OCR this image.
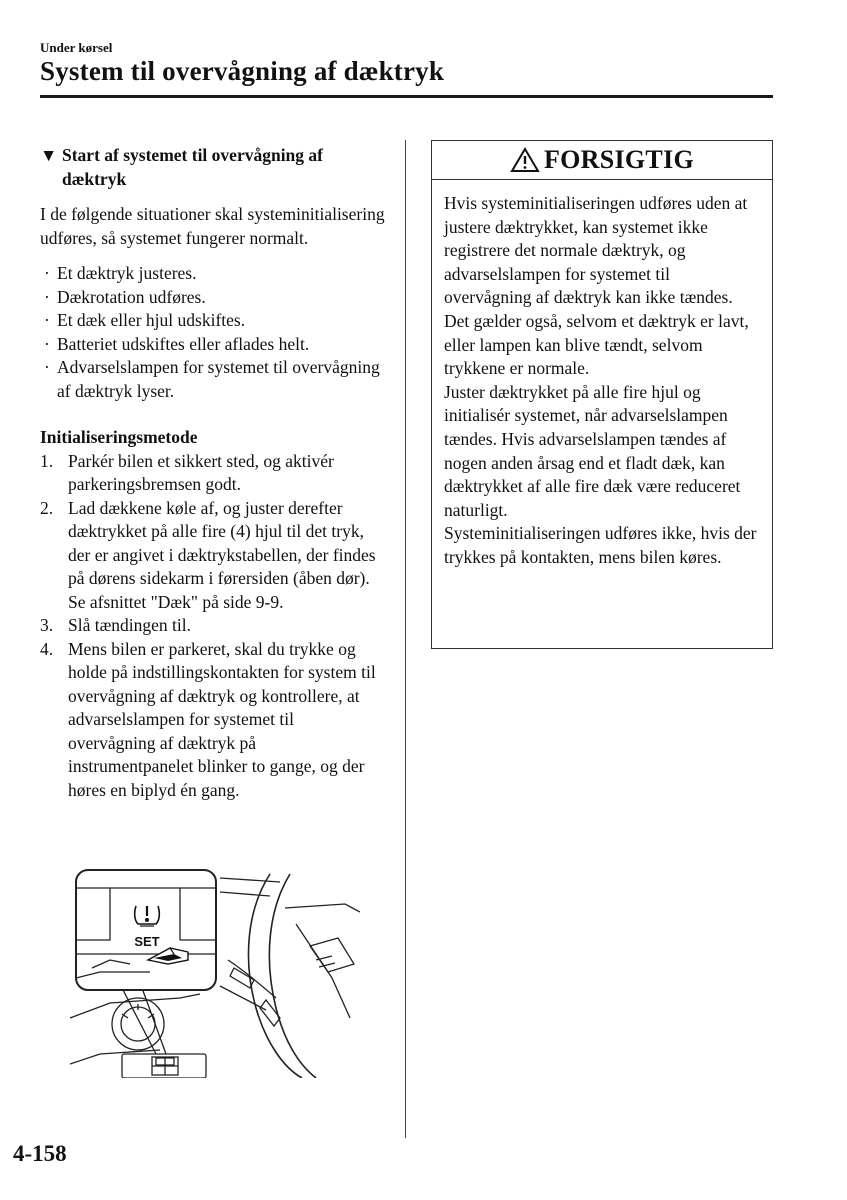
Under kørsel
System til overvågning af dæktryk
▼ Start af systemet til overvågning af dæktryk

I de følgende situationer skal systeminitialisering udføres, så systemet fungerer normalt.

· Et dæktryk justeres.
· Dækrotation udføres.
· Et dæk eller hjul udskiftes.
· Batteriet udskiftes eller aflades helt.
· Advarselslampen for systemet til overvågning af dæktryk lyser.

Initialiseringsmetode

1. Parkér bilen et sikkert sted, og aktivér parkeringsbremsen godt.
2. Lad dækkene køle af, og juster derefter dæktrykket på alle fire (4) hjul til det tryk, der er angivet i dæktrykstabellen, der findes på dørens sidekarm i førersiden (åben dør).
Se afsnittet "Dæk" på side 9-9.
3. Slå tændingen til.
4. Mens bilen er parkeret, skal du trykke og holde på indstillingskontakten for system til overvågning af dæktryk og kontrollere, at advarselslampen for systemet til overvågning af dæktryk på instrumentpanelet blinker to gange, og der høres en biplyd én gang.
SET
FORSIGTIG

Hvis systeminitialiseringen udføres uden at justere dæktrykket, kan systemet ikke registrere det normale dæktryk, og advarselslampen for systemet til overvågning af dæktryk kan ikke tændes. Det gælder også, selvom et dæktryk er lavt, eller lampen kan blive tændt, selvom trykkene er normale.

Juster dæktrykket på alle fire hjul og initialisér systemet, når advarselslampen tændes. Hvis advarselslampen tændes af nogen anden årsag end et fladt dæk, kan dæktrykket af alle fire dæk være reduceret naturligt.

Systeminitialiseringen udføres ikke, hvis der trykkes på kontakten, mens bilen køres.

4-158
